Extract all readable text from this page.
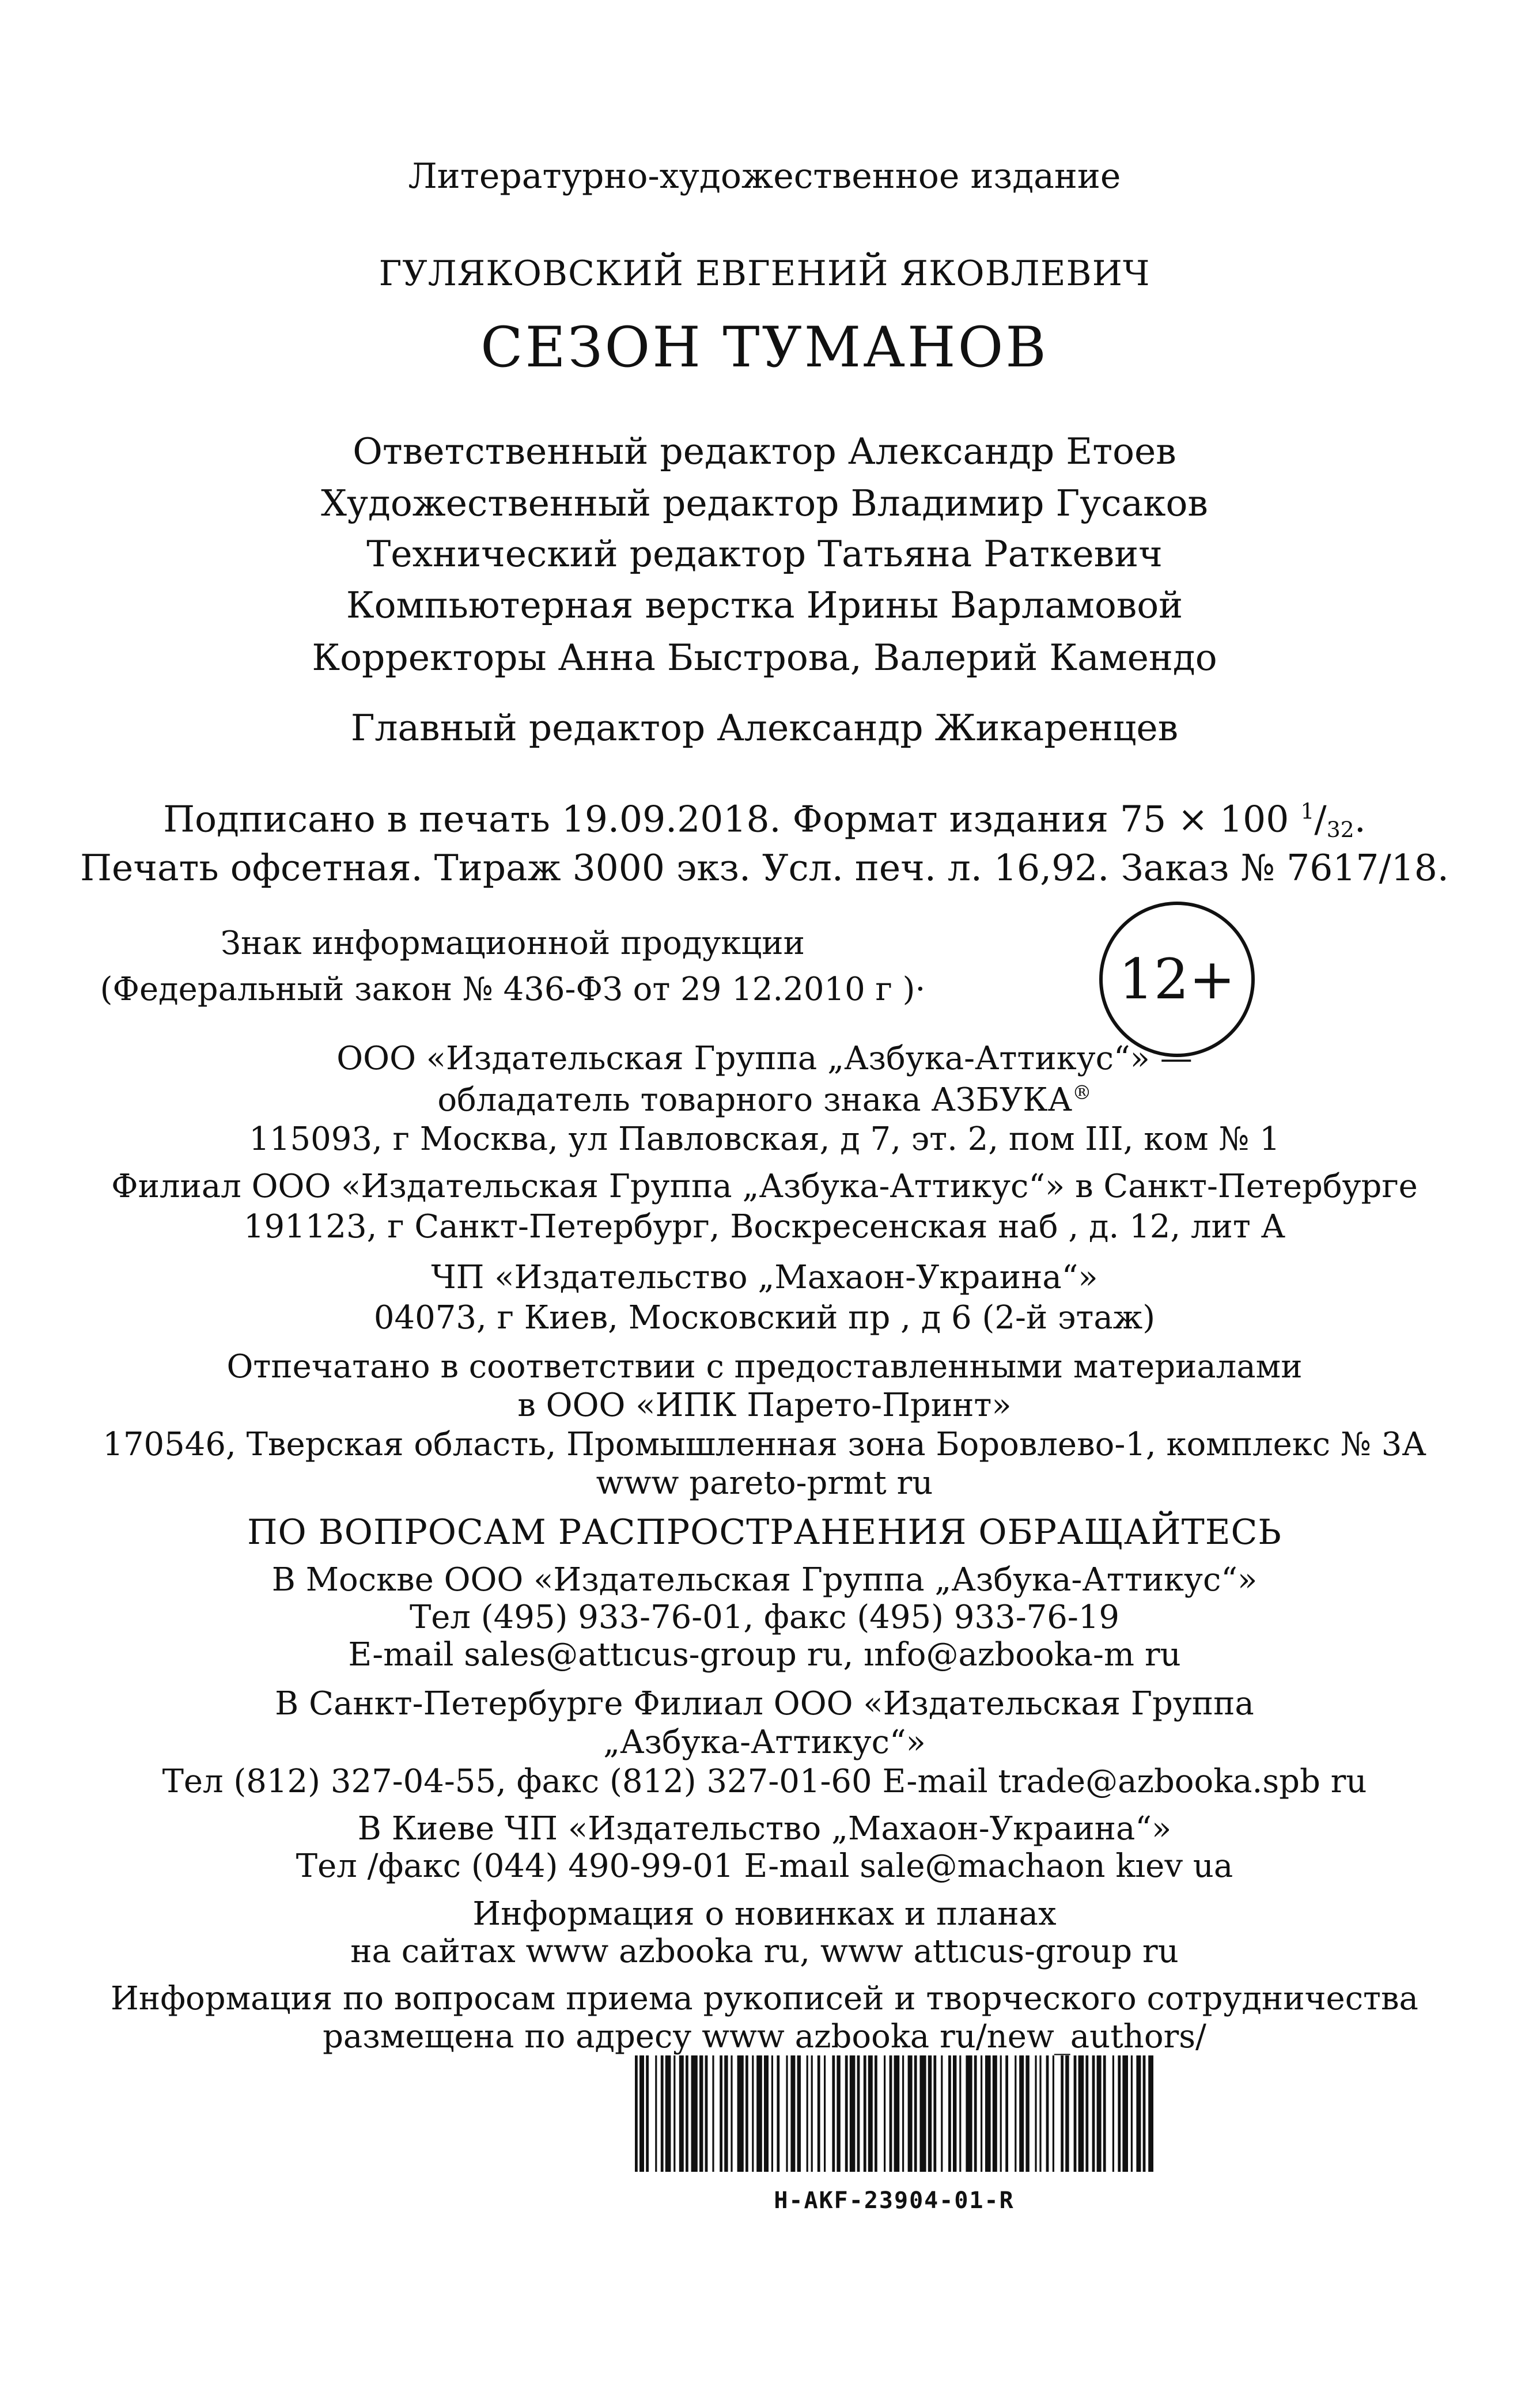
Литературно-художественное издание
ГУЛЯКОВСКИЙ ЕВГЕНИЙ ЯКОВЛЕВИЧ
СЕЗОН ТУМАНОВ
Ответственный редактор Александр Етоев
Художественный редактор Владимир Гусаков
Технический редактор Татьяна Раткевич
Компьютерная верстка Ирины Варламовой
Корректоры Анна Быстрова, Валерий Камендо
Главный редактор Александр Жикаренцев
Подписано в печать 19.09.2018. Формат издания 75 × 100 $^1/_{32}$.
Печать офсетная. Тираж 3000 экз. Усл. печ. л. 16,92. Заказ № 7617/18.
Знак информационной продукции
(Федеральный закон № 436-ФЗ от 29 12.2010 г )·	12+
ООО «Издательская Группа „Азбука-Аттикус“» —
обладатель товарного знака АЗБУКА®
115093, г Москва, ул Павловская, д 7, эт. 2, пом III, ком № 1
Филиал ООО «Издательская Группа „Азбука-Аттикус“» в Санкт-Петербурге
191123, г Санкт-Петербург, Воскресенская наб , д. 12, лит А
ЧП «Издательство „Махаон-Украина“»
04073, г Киев, Московский пр , д 6 (2-й этаж)
Отпечатано в соответствии с предоставленными материалами
в ООО «ИПК Парето-Принт»
170546, Тверская область, Промышленная зона Боровлево-1, комплекс № 3А
www pareto-prmt ru
ПО ВОПРОСАМ РАСПРОСТРАНЕНИЯ ОБРАЩАЙТЕСЬ
В Москве ООО «Издательская Группа „Азбука-Аттикус“»
Тел (495) 933-76-01, факс (495) 933-76-19
E-mail sales@attıcus-group ru, ınfo@azbooka-m ru
В Санкт-Петербурге Филиал ООО «Издательская Группа
„Азбука-Аттикус“»
Тел (812) 327-04-55, факс (812) 327-01-60 E-mail trade@azbooka.spb ru
В Киеве ЧП «Издательство „Махаон-Украина“»
Тел /факс (044) 490-99-01 E-maıl sale@machaon kıev ua
Информация о новинках и планах
на сайтах www azbooka ru, www attıcus-group ru
Информация по вопросам приема рукописей и творческого сотрудничества
размещена по адресу www azbooka ru/new_authors/
H-AKF-23904-01-R
